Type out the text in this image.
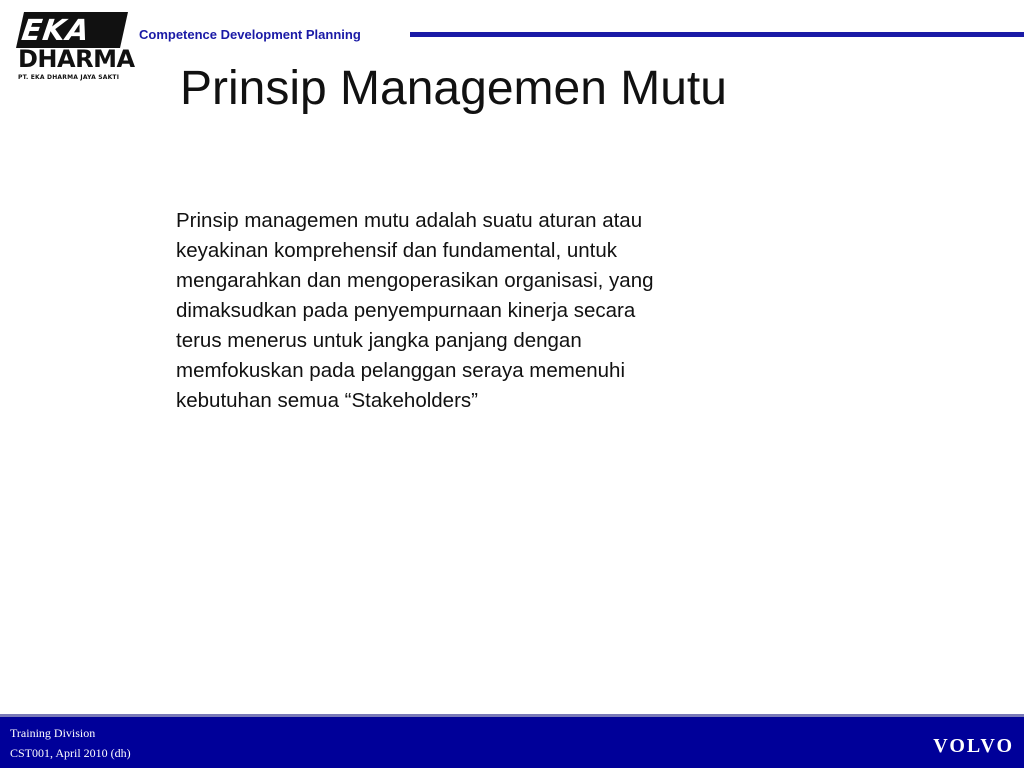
EKA
DHARMA
PT. EKA DHARMA JAYA SAKTI
Competence Development Planning
Prinsip Managemen Mutu

Prinsip managemen mutu adalah suatu aturan atau
keyakinan komprehensif dan fundamental, untuk
mengarahkan dan mengoperasikan organisasi, yang
dimaksudkan pada penyempurnaan kinerja secara
terus menerus untuk jangka panjang dengan
memfokuskan pada pelanggan seraya memenuhi
kebutuhan semua “Stakeholders”

Training Division
CST001, April 2010 (dh)	VOLVO
